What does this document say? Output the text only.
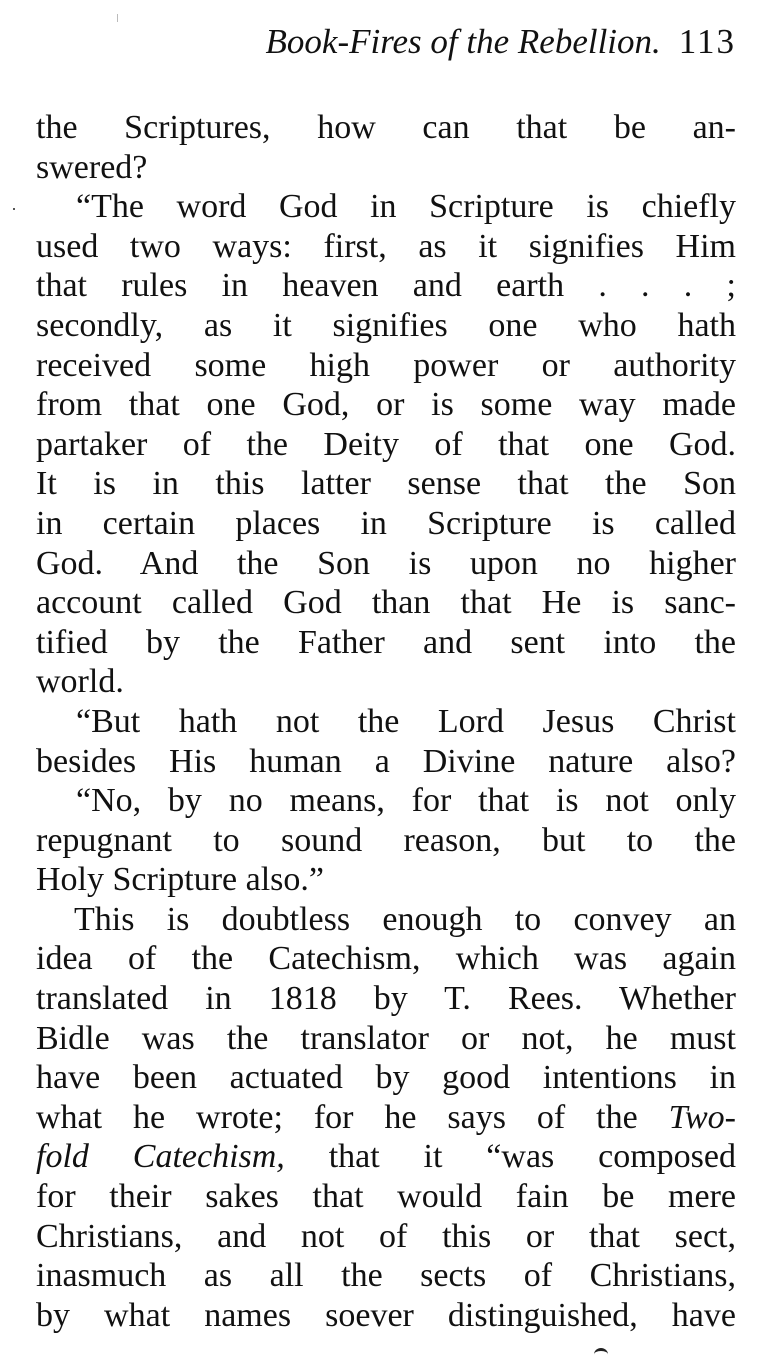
Book-Fires of the Rebellion. 113
the Scriptures, how can that be an-
swered?
“The word God in Scripture is chiefly
used two ways: first, as it signifies Him
that rules in heaven and earth . . . ;
secondly, as it signifies one who hath
received some high power or authority
from that one God, or is some way made
partaker of the Deity of that one God.
It is in this latter sense that the Son
in certain places in Scripture is called
God. And the Son is upon no higher
account called God than that He is sanc-
tified by the Father and sent into the
world.
“But hath not the Lord Jesus Christ
besides His human a Divine nature also?
“No, by no means, for that is not only
repugnant to sound reason, but to the
Holy Scripture also.”
This is doubtless enough to convey an
idea of the Catechism, which was again
translated in 1818 by T. Rees. Whether
Bidle was the translator or not, he must
have been actuated by good intentions in
what he wrote; for he says of the Two-
fold Catechism, that it “was composed
for their sakes that would fain be mere
Christians, and not of this or that sect,
inasmuch as all the sects of Christians,
by what names soever distinguished, have
